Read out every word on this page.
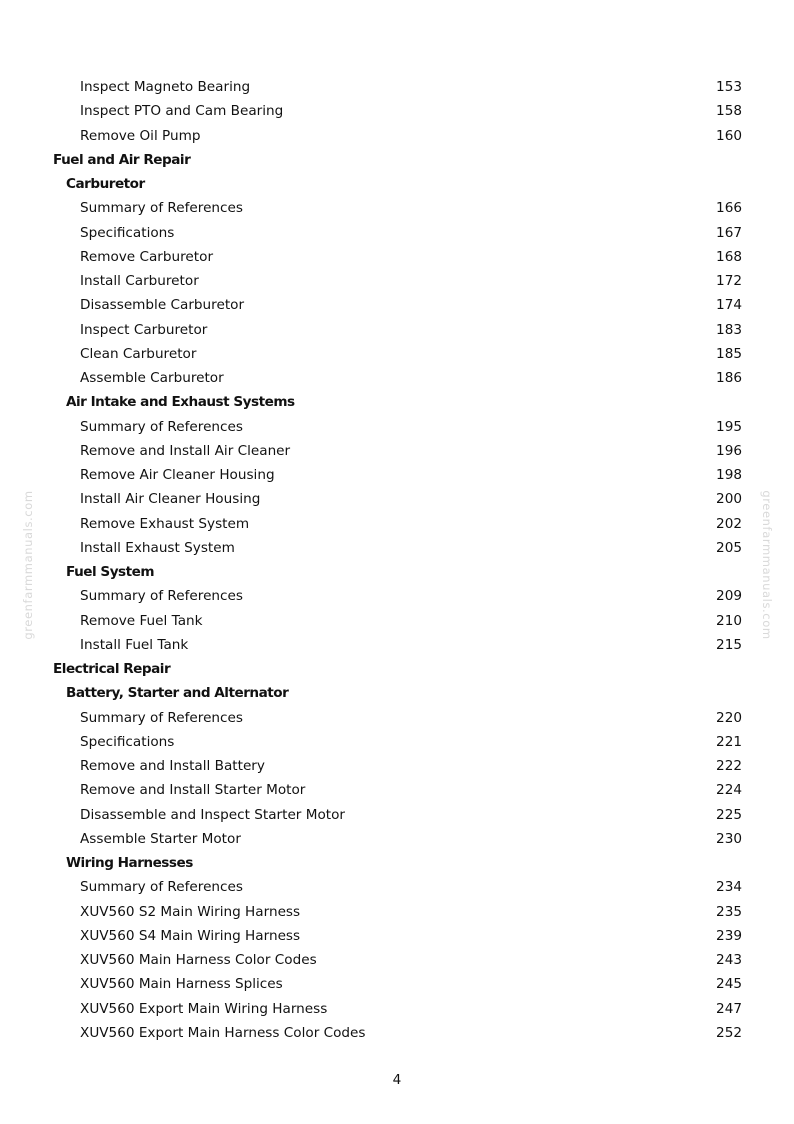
Inspect Magneto Bearing	153
Inspect PTO and Cam Bearing	158
Remove Oil Pump	160
Fuel and Air Repair
Carburetor
Summary of References	166
Specifications	167
Remove Carburetor	168
Install Carburetor	172
Disassemble Carburetor	174
Inspect Carburetor	183
Clean Carburetor	185
Assemble Carburetor	186
Air Intake and Exhaust Systems
Summary of References	195
Remove and Install Air Cleaner	196
Remove Air Cleaner Housing	198
Install Air Cleaner Housing	200
Remove Exhaust System	202
Install Exhaust System	205
Fuel System
Summary of References	209
Remove Fuel Tank	210
Install Fuel Tank	215
Electrical Repair
Battery, Starter and Alternator
Summary of References	220
Specifications	221
Remove and Install Battery	222
Remove and Install Starter Motor	224
Disassemble and Inspect Starter Motor	225
Assemble Starter Motor	230
Wiring Harnesses
Summary of References	234
XUV560 S2 Main Wiring Harness	235
XUV560 S4 Main Wiring Harness	239
XUV560 Main Harness Color Codes	243
XUV560 Main Harness Splices	245
XUV560 Export Main Wiring Harness	247
XUV560 Export Main Harness Color Codes	252
4
greenfarmmanuals.com	greenfarmmanuals.com
